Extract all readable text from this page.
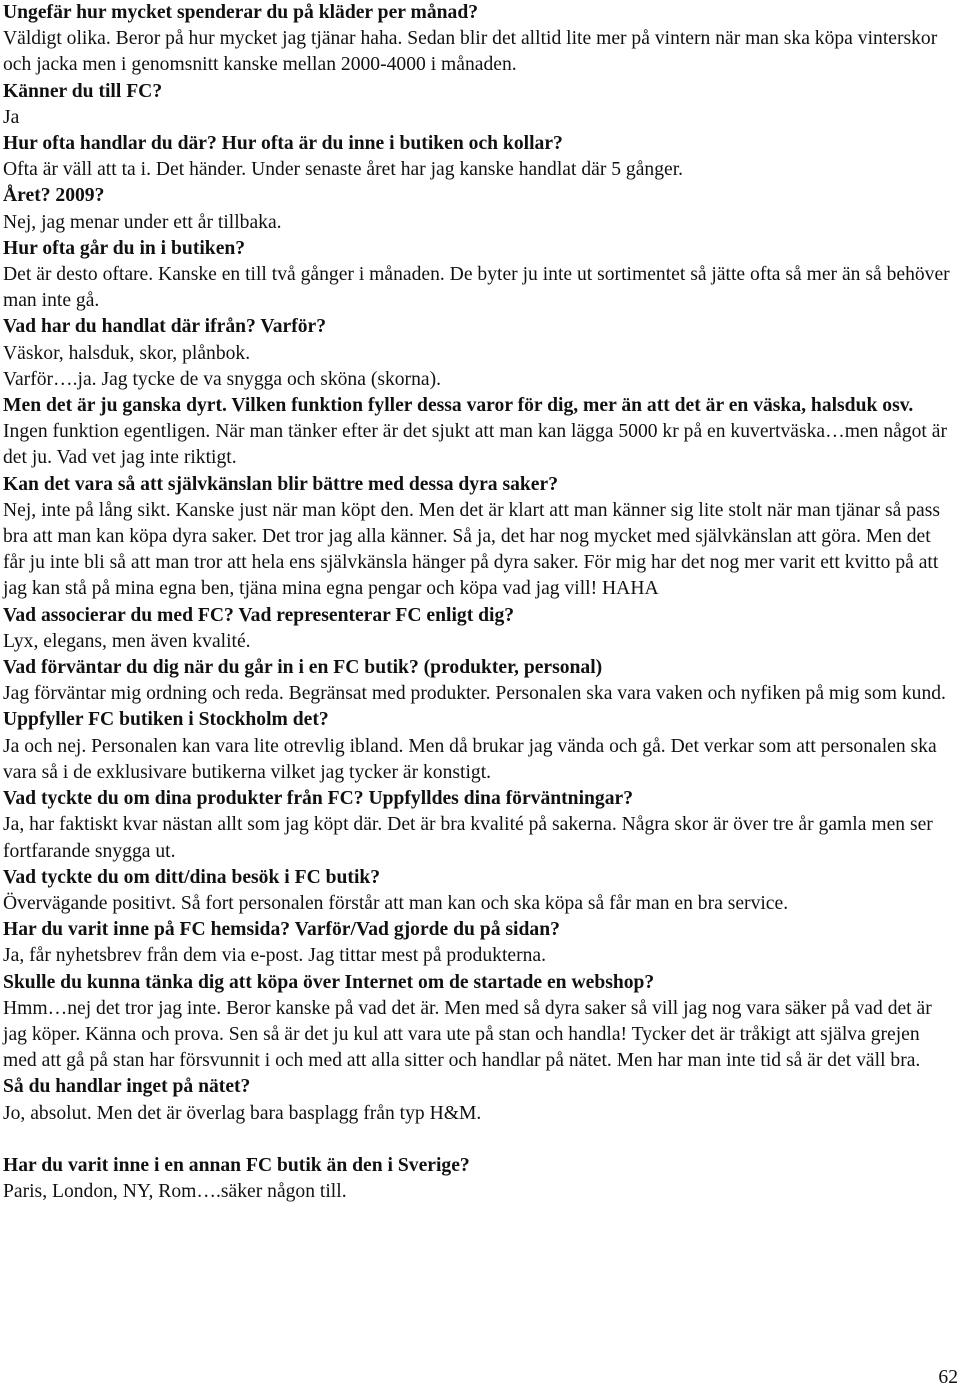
Ungefär hur mycket spenderar du på kläder per månad?

Väldigt olika. Beror på hur mycket jag tjänar haha. Sedan blir det alltid lite mer på vintern när man ska köpa vinterskor och jacka men i genomsnitt kanske mellan 2000-4000 i månaden.

Känner du till FC?

Ja

Hur ofta handlar du där? Hur ofta är du inne i butiken och kollar?

Ofta är väll att ta i. Det händer. Under senaste året har jag kanske handlat där 5 gånger.

Året? 2009?

Nej, jag menar under ett år tillbaka.

Hur ofta går du in i butiken?

Det är desto oftare. Kanske en till två gånger i månaden. De byter ju inte ut sortimentet så jätte ofta så mer än så behöver man inte gå.

Vad har du handlat där ifrån? Varför?

Väskor, halsduk, skor, plånbok.

Varför….ja. Jag tycke de va snygga och sköna (skorna).

Men det är ju ganska dyrt. Vilken funktion fyller dessa varor för dig, mer än att det är en väska, halsduk osv.

Ingen funktion egentligen. När man tänker efter är det sjukt att man kan lägga 5000 kr på en kuvertväska…men något är det ju. Vad vet jag inte riktigt.

Kan det vara så att självkänslan blir bättre med dessa dyra saker?

Nej, inte på lång sikt. Kanske just när man köpt den. Men det är klart att man känner sig lite stolt när man tjänar så pass bra att man kan köpa dyra saker. Det tror jag alla känner. Så ja, det har nog mycket med självkänslan att göra. Men det får ju inte bli så att man tror att hela ens självkänsla hänger på dyra saker. För mig har det nog mer varit ett kvitto på att jag kan stå på mina egna ben, tjäna mina egna pengar och köpa vad jag vill! HAHA

Vad associerar du med FC? Vad representerar FC enligt dig?

Lyx, elegans, men även kvalité.

Vad förväntar du dig när du går in i en FC butik? (produkter, personal)

Jag förväntar mig ordning och reda. Begränsat med produkter. Personalen ska vara vaken och nyfiken på mig som kund.

Uppfyller FC butiken i Stockholm det?

Ja och nej. Personalen kan vara lite otrevlig ibland. Men då brukar jag vända och gå. Det verkar som att personalen ska vara så i de exklusivare butikerna vilket jag tycker är konstigt.

Vad tyckte du om dina produkter från FC? Uppfylldes dina förväntningar?

Ja, har faktiskt kvar nästan allt som jag köpt där. Det är bra kvalité på sakerna. Några skor är över tre år gamla men ser fortfarande snygga ut.

Vad tyckte du om ditt/dina besök i FC butik?

Övervägande positivt. Så fort personalen förstår att man kan och ska köpa så får man en bra service.

Har du varit inne på FC hemsida? Varför/Vad gjorde du på sidan?

Ja, får nyhetsbrev från dem via e-post. Jag tittar mest på produkterna.

Skulle du kunna tänka dig att köpa över Internet om de startade en webshop?

Hmm…nej det tror jag inte. Beror kanske på vad det är. Men med så dyra saker så vill jag nog vara säker på vad det är jag köper. Känna och prova. Sen så är det ju kul att vara ute på stan och handla! Tycker det är tråkigt att själva grejen med att gå på stan har försvunnit i och med att alla sitter och handlar på nätet. Men har man inte tid så är det väll bra.

Så du handlar inget på nätet?

Jo, absolut. Men det är överlag bara basplagg från typ H&M.

Har du varit inne i en annan FC butik än den i Sverige?

Paris, London, NY, Rom….säker någon till.

62
